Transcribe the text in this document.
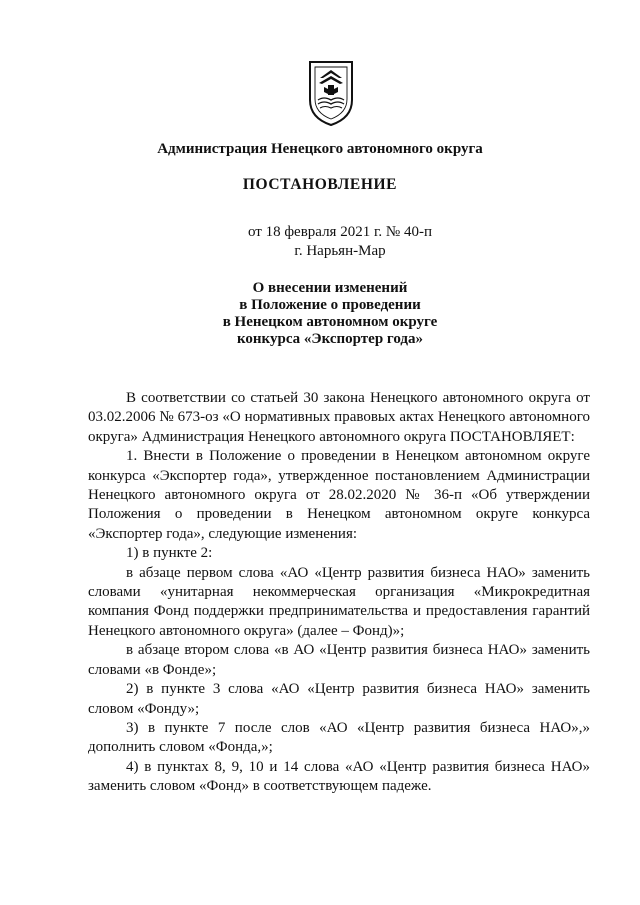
Администрация Ненецкого автономного округа
ПОСТАНОВЛЕНИЕ
от 18 февраля 2021 г. № 40-п
г. Нарьян-Мар
О внесении изменений
в Положение о проведении
в Ненецком автономном округе
конкурса «Экспортер года»

В соответствии со статьей 30 закона Ненецкого автономного округа от 03.02.2006 № 673-оз «О нормативных правовых актах Ненецкого автономного округа» Администрация Ненецкого автономного округа ПОСТАНОВЛЯЕТ:

1. Внести в Положение о проведении в Ненецком автономном округе конкурса «Экспортер года», утвержденное постановлением Администрации Ненецкого автономного округа от 28.02.2020 № 36-п «Об утверждении Положения о проведении в Ненецком автономном округе конкурса «Экспортер года», следующие изменения:

1) в пункте 2:

в абзаце первом слова «АО «Центр развития бизнеса НАО» заменить словами «унитарная некоммерческая организация «Микрокредитная компания Фонд поддержки предпринимательства и предоставления гарантий Ненецкого автономного округа» (далее – Фонд)»;

в абзаце втором слова «в АО «Центр развития бизнеса НАО» заменить словами «в Фонде»;

2) в пункте 3 слова «АО «Центр развития бизнеса НАО» заменить словом «Фонду»;

3) в пункте 7 после слов «АО «Центр развития бизнеса НАО»,» дополнить словом «Фонда,»;

4) в пунктах 8, 9, 10 и 14 слова «АО «Центр развития бизнеса НАО» заменить словом «Фонд» в соответствующем падеже.
